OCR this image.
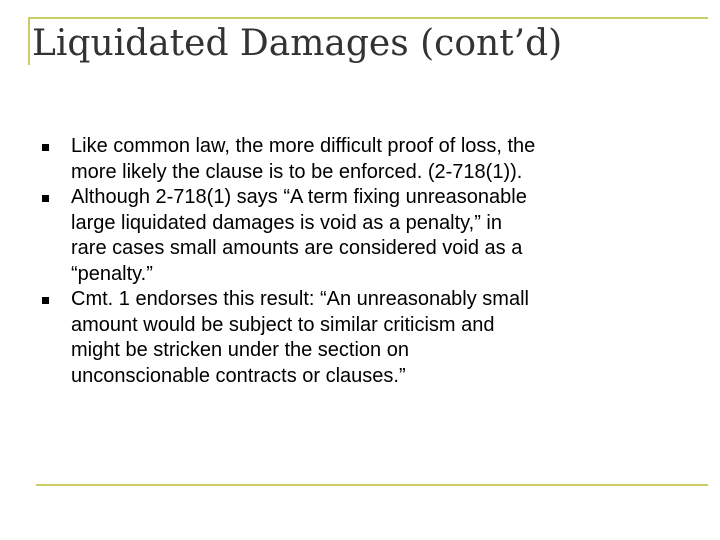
Liquidated Damages (cont’d)
Like common law, the more difficult proof of loss, the
more likely the clause is to be enforced. (2-718(1)).
Although 2-718(1) says “A term fixing unreasonable
large liquidated damages is void as a penalty,” in
rare cases small amounts are considered void as a
“penalty.”
Cmt. 1 endorses this result: “An unreasonably small
amount would be subject to similar criticism and
might be stricken under the section on
unconscionable contracts or clauses.”
